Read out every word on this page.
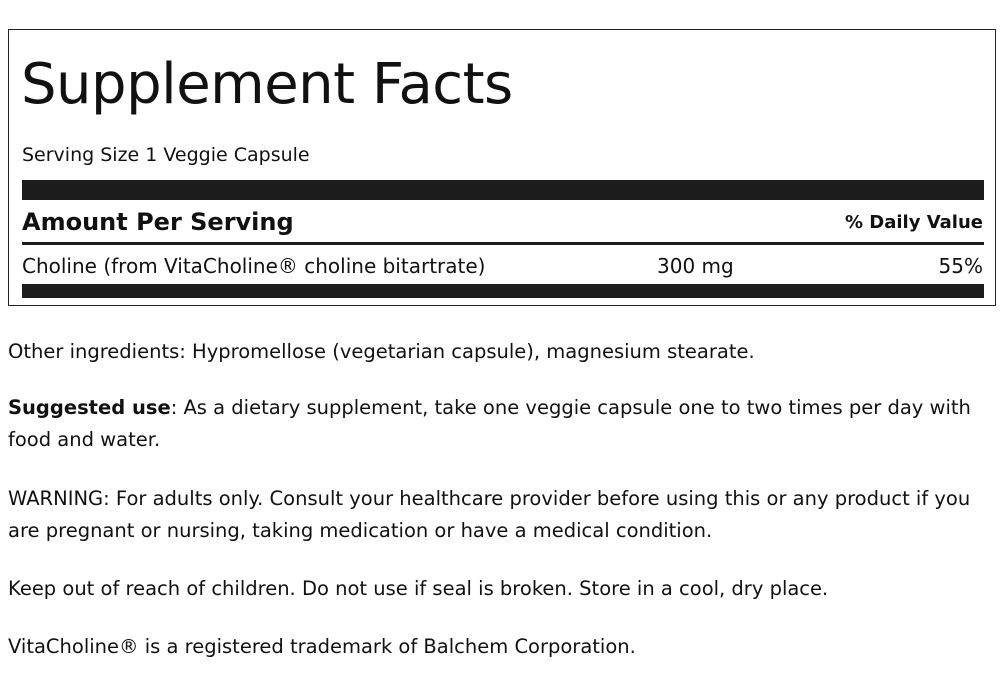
Supplement Facts
Serving Size 1 Veggie Capsule
Amount Per Serving	% Daily Value
Choline (from VitaCholine® choline bitartrate)	300 mg	55%

Other ingredients: Hypromellose (vegetarian capsule), magnesium stearate.

Suggested use: As a dietary supplement, take one veggie capsule one to two times per day with food and water.

WARNING: For adults only. Consult your healthcare provider before using this or any product if you are pregnant or nursing, taking medication or have a medical condition.

Keep out of reach of children. Do not use if seal is broken. Store in a cool, dry place.

VitaCholine® is a registered trademark of Balchem Corporation.
